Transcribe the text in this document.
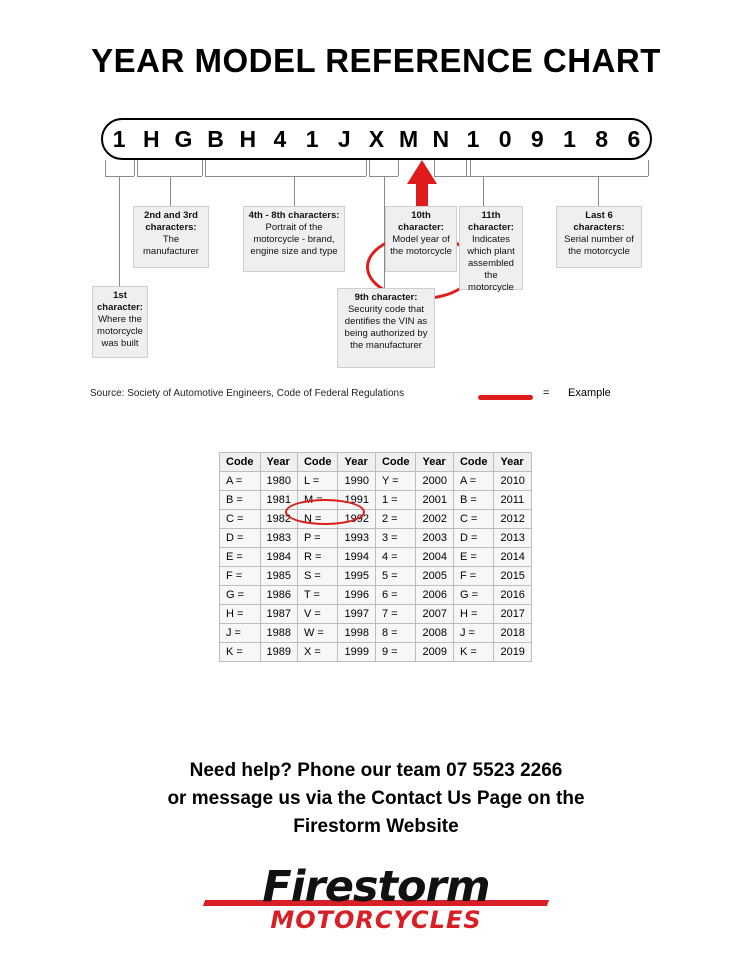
YEAR MODEL REFERENCE CHART
1 H G B H 4 1 J X M N 1 0 9 1 8 6
1st character:
Where the motorcycle was built
2nd and 3rd characters:
The manufacturer
4th - 8th characters:
Portrait of the motorcycle - brand, engine size and type
9th character:
Security code that dentifies the VIN as being authorized by the manufacturer
10th character:
Model year of the motorcycle
11th character:
Indicates which plant assembled the motorcycle
Last 6 characters:
Serial number of the motorcycle
Source: Society of Automotive Engineers, Code of Federal Regulations	= Example
Code	Year	Code	Year	Code	Year	Code	Year
A =	1980	L =	1990	Y =	2000	A =	2010
B =	1981	M =	1991	1 =	2001	B =	2011
C =	1982	N =	1992	2 =	2002	C =	2012
D =	1983	P =	1993	3 =	2003	D =	2013
E =	1984	R =	1994	4 =	2004	E =	2014
F =	1985	S =	1995	5 =	2005	F =	2015
G =	1986	T =	1996	6 =	2006	G =	2016
H =	1987	V =	1997	7 =	2007	H =	2017
J =	1988	W =	1998	8 =	2008	J =	2018
K =	1989	X =	1999	9 =	2009	K =	2019
Need help? Phone our team 07 5523 2266
or message us via the Contact Us Page on the
Firestorm Website
Firestorm
MOTORCYCLES
